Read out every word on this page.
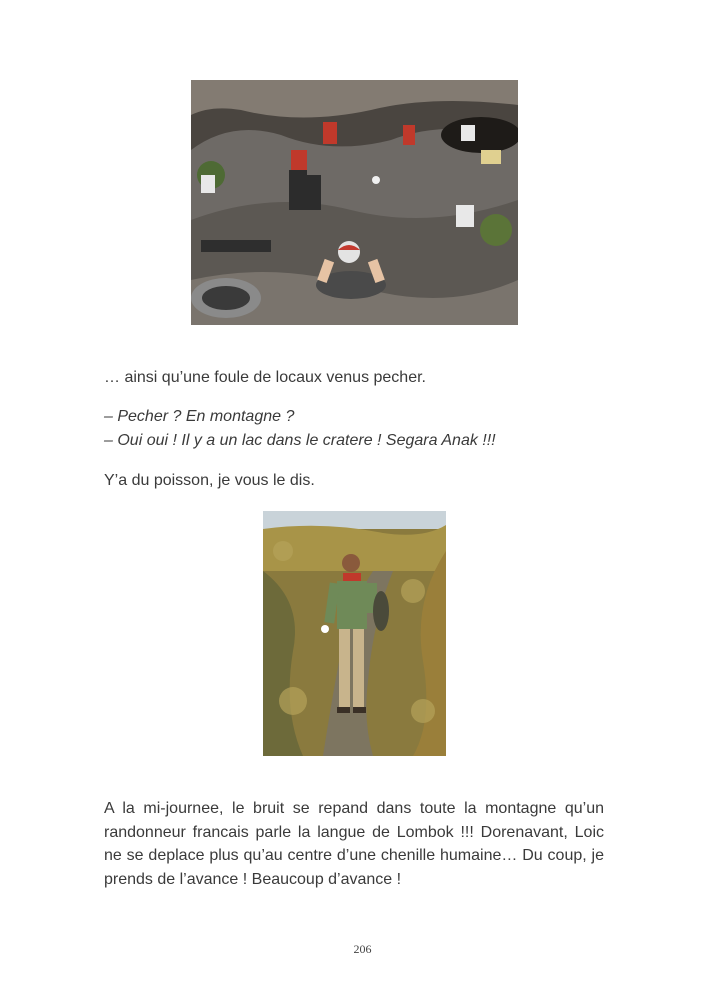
… ainsi qu’une foule de locaux venus pecher.

– Pecher ? En montagne ?
– Oui oui ! Il y a un lac dans le cratere ! Segara Anak !!!

Y’a du poisson, je vous le dis.

A la mi-journee, le bruit se repand dans toute la montagne qu’un randonneur francais parle la langue de Lombok !!! Dorenavant, Loic ne se deplace plus qu’au centre d’une chenille humaine… Du coup, je prends de l’avance ! Beaucoup d’avance !

206
